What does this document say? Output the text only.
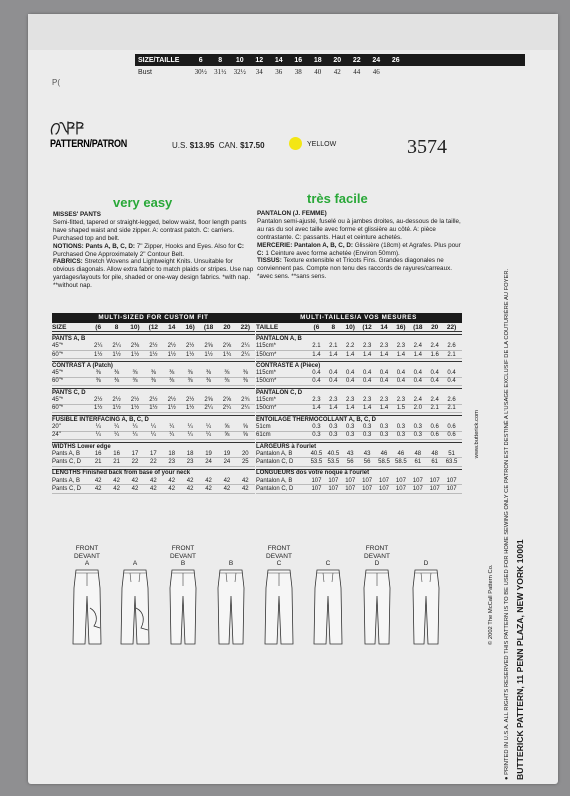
P(
SIZE/TAILLE	6	8	10	12	14	16	18	20	22	24	26
Bust	30½	31½	32½	34	36	38	40	42	44	46
PATTERN/PATRON	U.S. $13.95 CAN. $17.50	YELLOW	3574
very easy	très facile
MISSES' PANTS
Semi-fitted, tapered or straight-legged, below waist, floor length pants have shaped waist and side zipper. A: contrast patch. C: carriers. Purchased top and belt.
NOTIONS: Pants A, B, C, D: 7" Zipper, Hooks and Eyes. Also for C: Purchased One Approximately 2" Contour Belt.
FABRICS: Stretch Wovens and Lightweight Knits. Unsuitable for obvious diagonals. Allow extra fabric to match plaids or stripes. Use nap yardages/layouts for pile, shaded or one-way design fabrics. *with nap. **without nap.
PANTALON (J. FEMME)
Pantalon semi-ajusté, fuselé ou à jambes droites, au-dessous de la taille, au ras du sol avec taille avec forme et glissière au côté. A: pièce contrastante. C: passants. Haut et ceinture achetés.
MERCERIE: Pantalon A, B, C, D: Glissière (18cm) et Agrafes. Plus pour C: 1 Ceinture avec forme achetée (Environ 50mm).
TISSUS: Texture extensible et Tricots Fins. Grandes diagonales ne conviennent pas. Compte non tenu des raccords de rayures/carreaux. *avec sens. **sans sens.
MULTI-SIZED FOR CUSTOM FIT	MULTI-TAILLES/A VOS MESURES
SIZE	(6	8	10)	(12	14	16)	(18	20	22)
PANTS A, B
45"*	2¼	2¼	2⅜	2½	2½	2½	2⅝	2⅝	2¼
60"*	1½	1½	1½	1½	1½	1½	1½	1¾	2¼
CONTRAST A (Patch)
45"*	⅜	⅜	⅜	⅜	⅜	⅜	⅜	⅜	⅜
60"*	⅜	⅜	⅜	⅜	⅜	⅜	⅜	⅜	⅜
PANTS C, D
45"*	2½	2½	2½	2½	2½	2½	2⅝	2⅝	2¾
60"*	1½	1½	1½	1½	1½	1½	2¼	2¼	2¼
FUSIBLE INTERFACING A, B, C, D
20"	¼	¼	¼	¼	¼	¼	¼	⅝	⅝
24"	¼	¼	¼	¼	¼	¼	¼	⅝	⅝
WIDTHS Lower edge
Pants A, B	16	16	17	17	18	18	19	19	20
Pants C, D	21	21	22	22	23	23	24	24	25
LENGTHS Finished back from base of your neck
Pants A, B	42	42	42	42	42	42	42	42	42
Pants C, D	42	42	42	42	42	42	42	42	42
TAILLE	(6	8	10)	(12	14	16)	(18	20	22)
PANTALON A, B
115cm*	2.1	2.1	2.2	2.3	2.3	2.3	2.4	2.4	2.6
150cm*	1.4	1.4	1.4	1.4	1.4	1.4	1.4	1.6	2.1
CONTRASTE A (Pièce)
115cm*	0.4	0.4	0.4	0.4	0.4	0.4	0.4	0.4	0.4
150cm*	0.4	0.4	0.4	0.4	0.4	0.4	0.4	0.4	0.4
PANTALON C, D
115cm*	2.3	2.3	2.3	2.3	2.3	2.3	2.4	2.4	2.6
150cm*	1.4	1.4	1.4	1.4	1.4	1.5	2.0	2.1	2.1
ENTOILAGE THERMOCOLLANT A, B, C, D
51cm	0.3	0.3	0.3	0.3	0.3	0.3	0.3	0.6	0.6
61cm	0.3	0.3	0.3	0.3	0.3	0.3	0.3	0.6	0.6
LARGEURS à l'ourlet
Pantalon A, B	40.5 40.5	43	43	46	46	48	48	51
Pantalon C, D	53.5 53.5	56	56	58.5 58.5	61	61	63.5
LONGUEURS dos votre noque à l'ourlet
Pantalon A, B	107	107	107	107	107	107	107	107	107
Pantalon C, D	107	107	107	107	107	107	107	107	107
FRONT
DEVANT
A	A
FRONT
DEVANT
B	B
FRONT
DEVANT
C	C
FRONT
DEVANT
D	D
www.butterick.com
© 2002 The McCall Pattern Co.	● PRINTED IN U.S.A. ALL RIGHTS RESERVED THIS PATTERN IS TO BE USED FOR HOME SEWING ONLY CE PATRON EST DESTINÉ A L'USAGE EXCLUSIF DE LA COUTURIÈRE AU FOYER. BUTTERICK PATTERN, 11 PENN PLAZA, NEW YORK 10001
